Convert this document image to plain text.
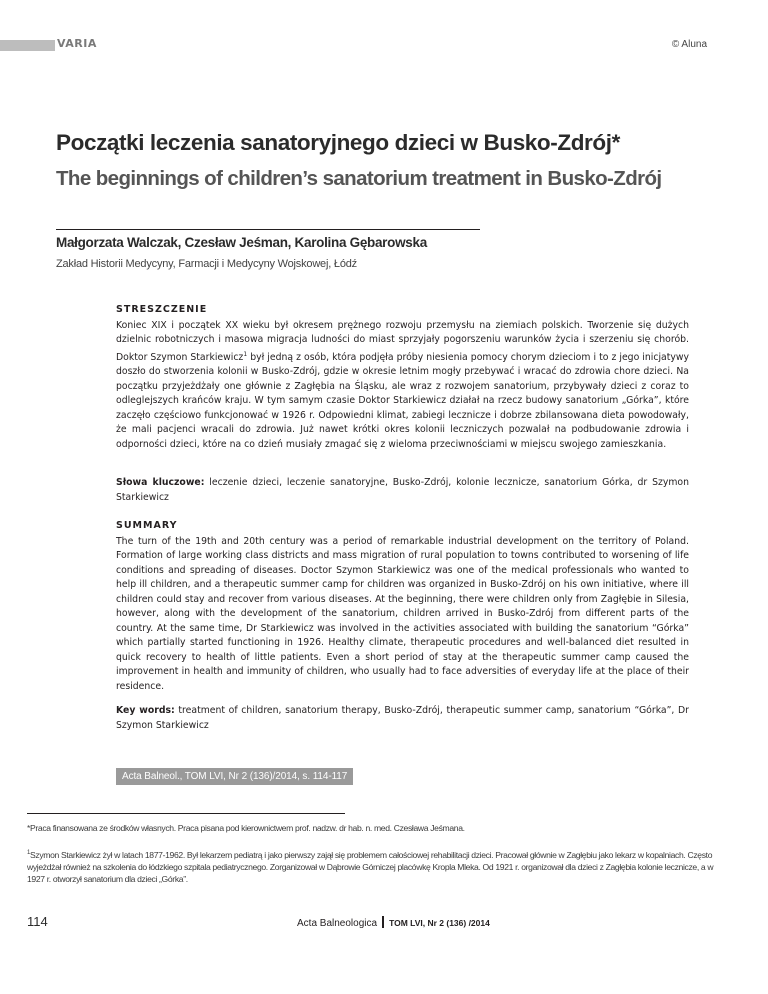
VARIA	© Aluna
Początki leczenia sanatoryjnego dzieci w Busko-Zdrój*
The beginnings of children’s sanatorium treatment in Busko-Zdrój
Małgorzata Walczak, Czesław Jeśman, Karolina Gębarowska
Zakład Historii Medycyny, Farmacji i Medycyny Wojskowej, Łódź
STRESZCZENIE

Koniec XIX i początek XX wieku był okresem prężnego rozwoju przemysłu na ziemiach polskich. Tworzenie się dużych dzielnic robotniczych i masowa migracja ludności do miast sprzyjały pogorszeniu warunków życia i szerzeniu się chorób. Doktor Szymon Starkiewicz$^1$ był jedną z osób, która podjęła próby niesienia pomocy chorym dzieciom i to z jego inicjatywy doszło do stworzenia kolonii w Busko-Zdrój, gdzie w okresie letnim mogły przebywać i wracać do zdrowia chore dzieci. Na początku przyjeżdżały one głównie z Zagłębia na Śląsku, ale wraz z rozwojem sanatorium, przybywały dzieci z coraz to odleglejszych krańców kraju. W tym samym czasie Doktor Starkiewicz działał na rzecz budowy sanatorium „Górka”, które zaczęło częściowo funkcjonować w 1926 r. Odpowiedni klimat, zabiegi lecznicze i dobrze zbilansowana dieta powodowały, że mali pacjenci wracali do zdrowia. Już nawet krótki okres kolonii leczniczych pozwalał na podbudowanie zdrowia i odporności dzieci, które na co dzień musiały zmagać się z wieloma przeciwnościami w miejscu swojego zamieszkania.

Słowa kluczowe: leczenie dzieci, leczenie sanatoryjne, Busko-Zdrój, kolonie lecznicze, sanatorium Górka, dr Szymon Starkiewicz

SUMMARY

The turn of the 19th and 20th century was a period of remarkable industrial development on the territory of Poland. Formation of large working class districts and mass migration of rural population to towns contributed to worsening of life conditions and spreading of diseases. Doctor Szymon Starkiewicz was one of the medical professionals who wanted to help ill children, and a therapeutic summer camp for children was organized in Busko-Zdrój on his own initiative, where ill children could stay and recover from various diseases. At the beginning, there were children only from Zagłębie in Silesia, however, along with the development of the sanatorium, children arrived in Busko-Zdrój from different parts of the country. At the same time, Dr Starkiewicz was involved in the activities associated with building the sanatorium “Górka” which partially started functioning in 1926. Healthy climate, therapeutic procedures and well-balanced diet resulted in quick recovery to health of little patients. Even a short period of stay at the therapeutic summer camp caused the improvement in health and immunity of children, who usually had to face adversities of everyday life at the place of their residence.

Key words: treatment of children, sanatorium therapy, Busko-Zdrój, therapeutic summer camp, sanatorium “Górka”, Dr Szymon Starkiewicz

Acta Balneol., TOM LVI, Nr 2 (136)/2014, s. 114-117
*Praca finansowana ze środków własnych. Praca pisana pod kierownictwem prof. nadzw. dr hab. n. med. Czesława Jeśmana.
$^1$Szymon Starkiewicz żył w latach 1877-1962. Był lekarzem pediatrą i jako pierwszy zajął się problemem całościowej rehabilitacji dzieci. Pracował głównie w Zagłębiu jako lekarz w kopalniach. Często wyjeżdżał również na szkolenia do łódzkiego szpitala pediatrycznego. Zorganizował w Dąbrowie Górniczej placówkę Kropla Mleka. Od 1921 r. organizował dla dzieci z Zagłębia kolonie lecznicze, a w 1927 r. otworzył sanatorium dla dzieci „Górka”.
114	Acta Balneologica TOM LVI, Nr 2 (136) /2014
